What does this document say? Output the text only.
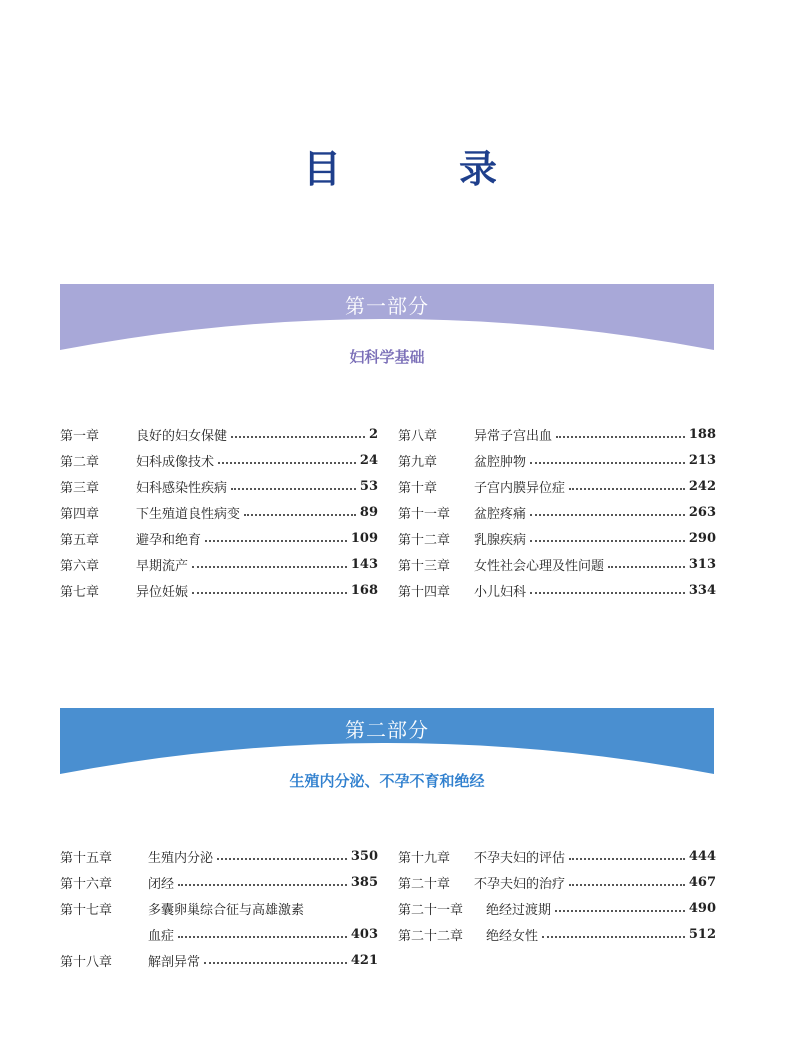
目　录
第一部分
妇科学基础
第一章	良好的妇女保健	2
第二章	妇科成像技术	24
第三章	妇科感染性疾病	53
第四章	下生殖道良性病变	89
第五章	避孕和绝育	109
第六章	早期流产	143
第七章	异位妊娠	168
第八章	异常子宫出血	188
第九章	盆腔肿物	213
第十章	子宫内膜异位症	242
第十一章	盆腔疼痛	263
第十二章	乳腺疾病	290
第十三章	女性社会心理及性问题	313
第十四章	小儿妇科	334
第二部分
生殖内分泌、不孕不育和绝经
第十五章	生殖内分泌	350
第十六章	闭经	385
第十七章	多囊卵巢综合征与高雄激素
血症	403
第十八章	解剖异常	421
第十九章	不孕夫妇的评估	444
第二十章	不孕夫妇的治疗	467
第二十一章	绝经过渡期	490
第二十二章	绝经女性	512
